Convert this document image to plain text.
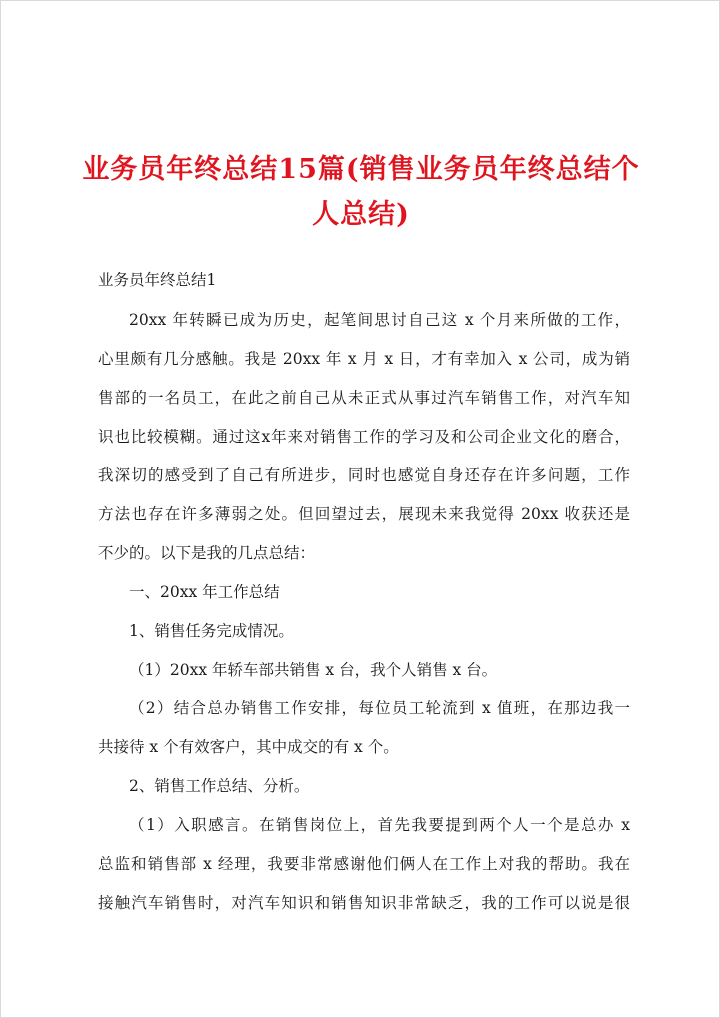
业务员年终总结15篇(销售业务员年终总结个
人总结)
业务员年终总结1
20xx 年转瞬已成为历史，起笔间思讨自己这 x 个月来所做的工作，
心里颇有几分感触。我是 20xx 年 x 月 x 日，才有幸加入 x 公司，成为销
售部的一名员工，在此之前自己从未正式从事过汽车销售工作，对汽车知
识也比较模糊。通过这x年来对销售工作的学习及和公司企业文化的磨合，
我深切的感受到了自己有所进步，同时也感觉自身还存在许多问题，工作
方法也存在许多薄弱之处。但回望过去，展现未来我觉得 20xx 收获还是
不少的。以下是我的几点总结：
一、20xx 年工作总结
1、销售任务完成情况。
（1）20xx 年轿车部共销售 x 台，我个人销售 x 台。
（2）结合总办销售工作安排，每位员工轮流到 x 值班，在那边我一
共接待 x 个有效客户，其中成交的有 x 个。
2、销售工作总结、分析。
（1）入职感言。在销售岗位上，首先我要提到两个人一个是总办 x
总监和销售部 x 经理，我要非常感谢他们俩人在工作上对我的帮助。我在
接触汽车销售时，对汽车知识和销售知识非常缺乏，我的工作可以说是很
